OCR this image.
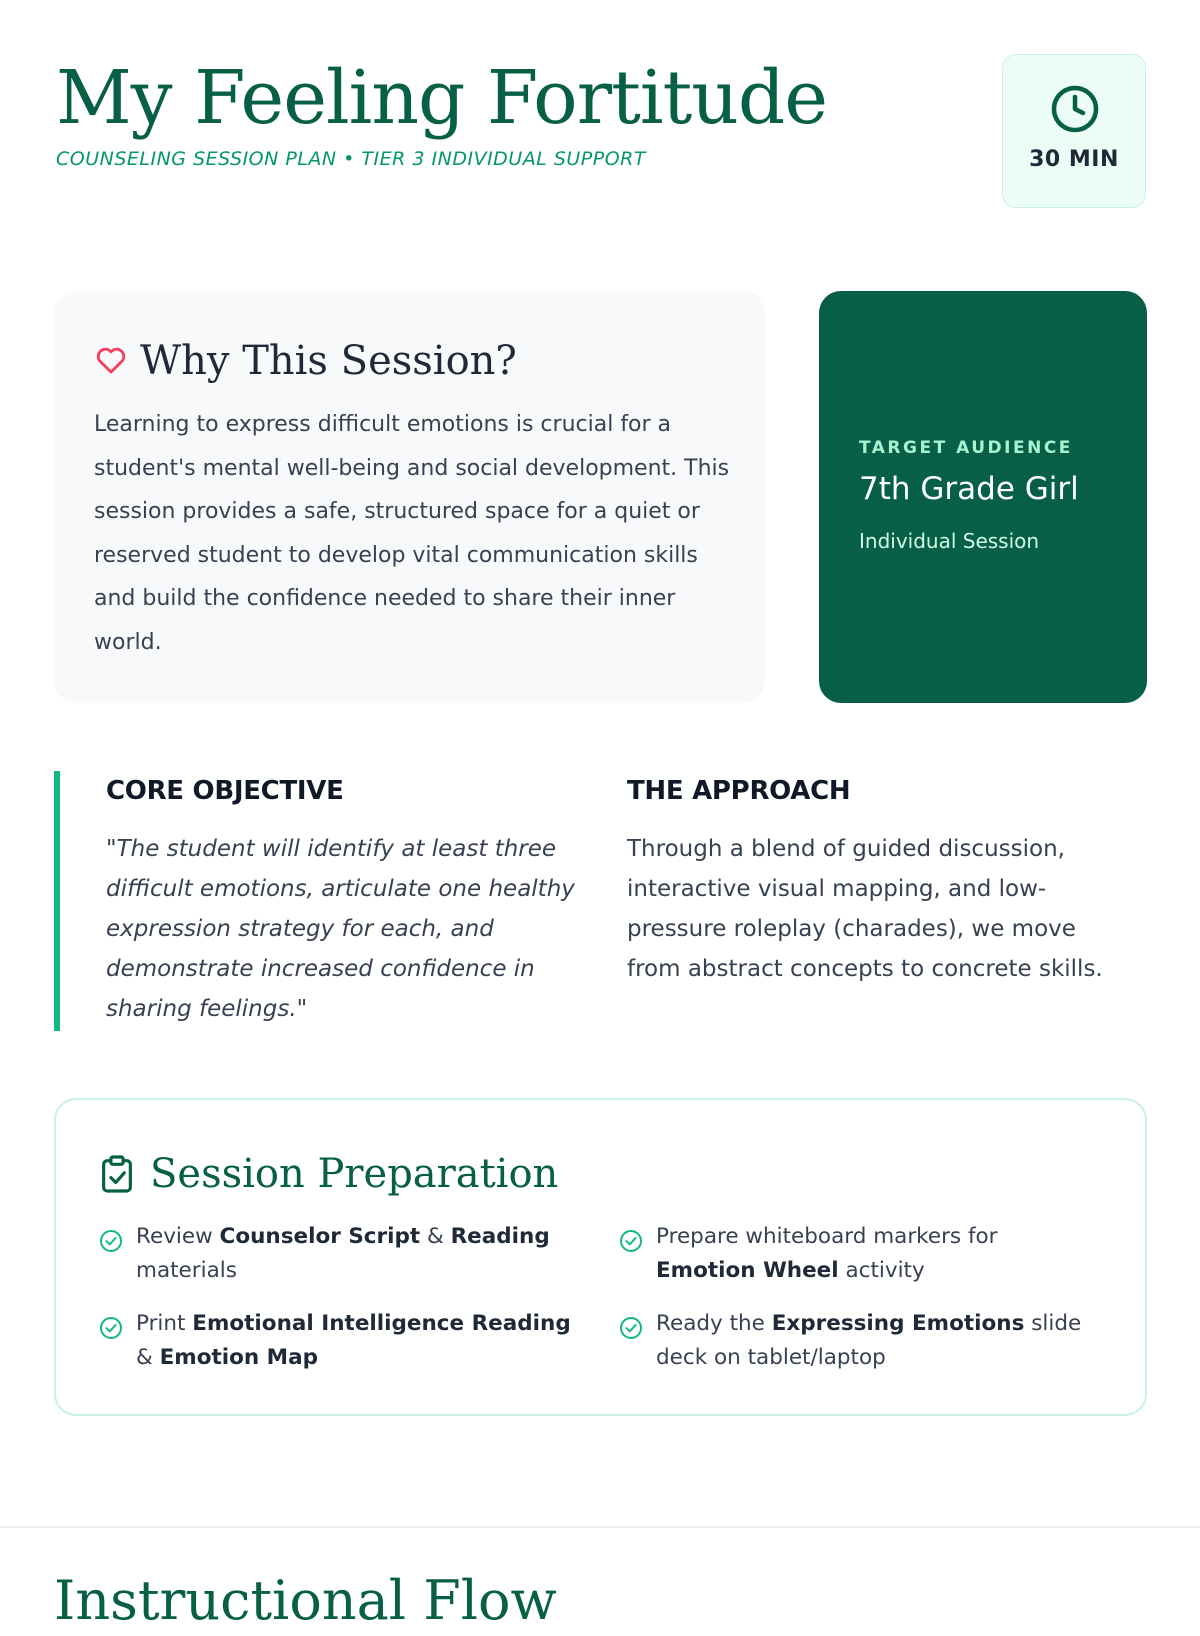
My Feeling Fortitude

COUNSELING SESSION PLAN • TIER 3 INDIVIDUAL SUPPORT	30 MIN
Why This Session?

Learning to express difficult emotions is crucial for a student's mental well-being and social development. This session provides a safe, structured space for a quiet or reserved student to develop vital communication skills and build the confidence needed to share their inner world.

TARGET AUDIENCE
7th Grade Girl
Individual Session
CORE OBJECTIVE

"The student will identify at least three difficult emotions, articulate one healthy expression strategy for each, and demonstrate increased confidence in sharing feelings."

THE APPROACH

Through a blend of guided discussion, interactive visual mapping, and low-pressure roleplay (charades), we move from abstract concepts to concrete skills.

Session Preparation
Review Counselor Script & Reading materials
Prepare whiteboard markers for Emotion Wheel activity
Print Emotional Intelligence Reading & Emotion Map
Ready the Expressing Emotions slide deck on tablet/laptop
Instructional Flow
